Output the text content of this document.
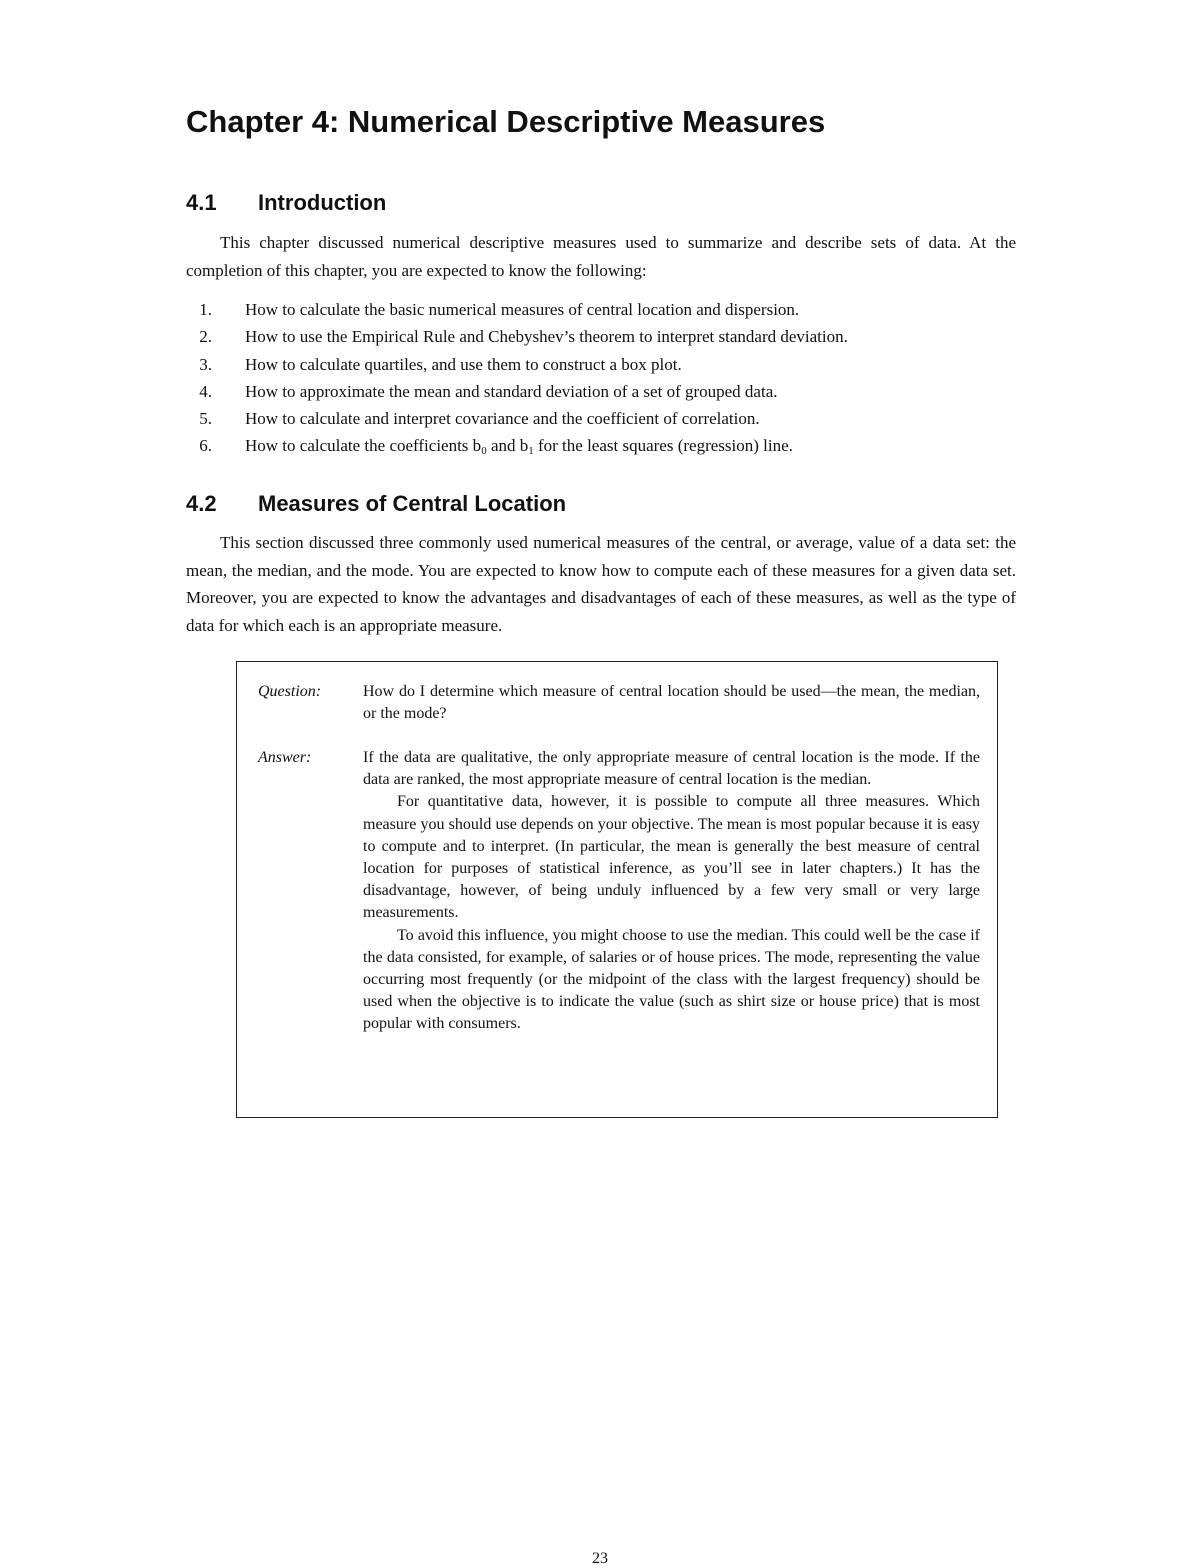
Chapter 4: Numerical Descriptive Measures
4.1 Introduction

This chapter discussed numerical descriptive measures used to summarize and describe sets of data. At the completion of this chapter, you are expected to know the following:

1. How to calculate the basic numerical measures of central location and dispersion.
2. How to use the Empirical Rule and Chebyshev’s theorem to interpret standard deviation.
3. How to calculate quartiles, and use them to construct a box plot.
4. How to approximate the mean and standard deviation of a set of grouped data.
5. How to calculate and interpret covariance and the coefficient of correlation.
6. How to calculate the coefficients $b_0$ and $b_1$ for the least squares (regression) line.
4.2 Measures of Central Location

This section discussed three commonly used numerical measures of the central, or average, value of a data set: the mean, the median, and the mode. You are expected to know how to compute each of these measures for a given data set. Moreover, you are expected to know the advantages and disadvantages of each of these measures, as well as the type of data for which each is an appropriate measure.

Question:	How do I determine which measure of central location should be used—the mean, the median, or the mode?

Answer:	If the data are qualitative, the only appropriate measure of central location is the mode. If the data are ranked, the most appropriate measure of central location is the median.

For quantitative data, however, it is possible to compute all three measures. Which measure you should use depends on your objective. The mean is most popular because it is easy to compute and to interpret. (In particular, the mean is generally the best measure of central location for purposes of statistical inference, as you’ll see in later chapters.) It has the disadvantage, however, of being unduly influenced by a few very small or very large measurements.

To avoid this influence, you might choose to use the median. This could well be the case if the data consisted, for example, of salaries or of house prices. The mode, representing the value occurring most frequently (or the midpoint of the class with the largest frequency) should be used when the objective is to indicate the value (such as shirt size or house price) that is most popular with consumers.

23
